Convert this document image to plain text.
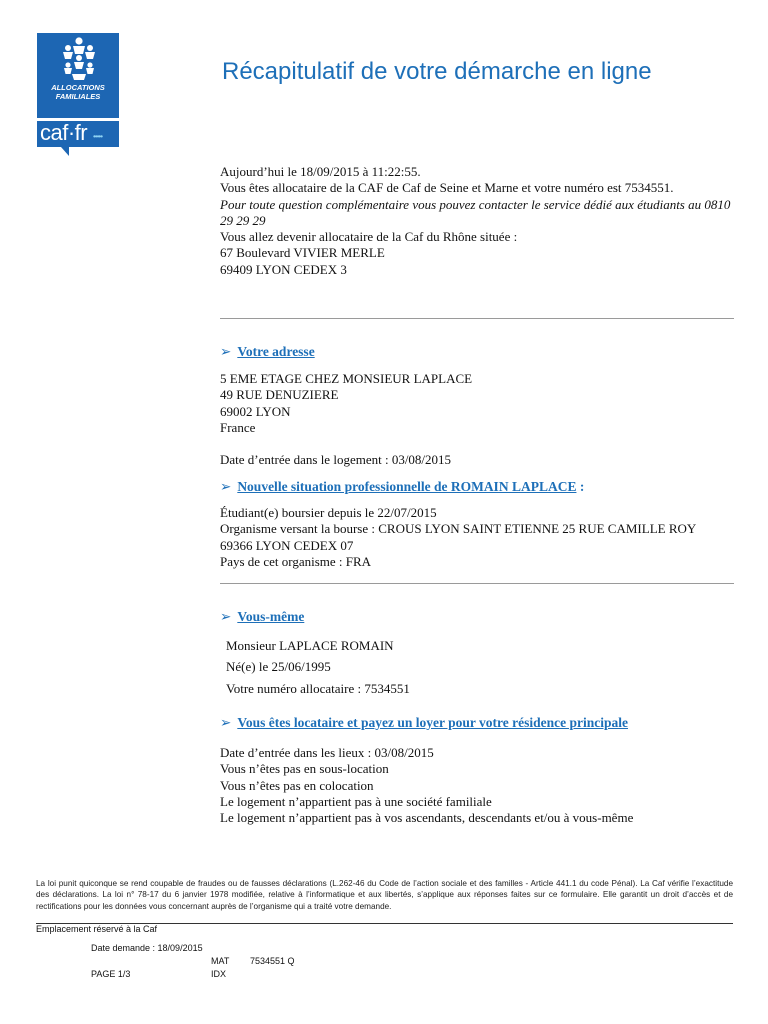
ALLOCATIONS
FAMILIALES
caf·fr •••••
Récapitulatif de votre démarche en ligne
Aujourd’hui le 18/09/2015 à 11:22:55.
Vous êtes allocataire de la CAF de Caf de Seine et Marne et votre numéro est 7534551.
Pour toute question complémentaire vous pouvez contacter le service dédié aux étudiants au 0810 29 29 29
Vous allez devenir allocataire de la Caf du Rhône située :
67 Boulevard VIVIER MERLE
69409 LYON CEDEX 3
➢ Votre adresse
5 EME ETAGE CHEZ MONSIEUR LAPLACE
49 RUE DENUZIERE
69002 LYON
France
Date d’entrée dans le logement : 03/08/2015
➢ Nouvelle situation professionnelle de ROMAIN LAPLACE :
Étudiant(e) boursier depuis le 22/07/2015
Organisme versant la bourse : CROUS LYON SAINT ETIENNE 25 RUE CAMILLE ROY 69366 LYON CEDEX 07
Pays de cet organisme : FRA
➢ Vous-même
Monsieur LAPLACE ROMAIN
Né(e) le 25/06/1995
Votre numéro allocataire : 7534551
➢ Vous êtes locataire et payez un loyer pour votre résidence principale
Date d’entrée dans les lieux : 03/08/2015
Vous n’êtes pas en sous-location
Vous n’êtes pas en colocation
Le logement n’appartient pas à une société familiale
Le logement n’appartient pas à vos ascendants, descendants et/ou à vous-même
La loi punit quiconque se rend coupable de fraudes ou de fausses déclarations (L.262-46 du Code de l’action sociale et des familles - Article 441.1 du code Pénal). La Caf vérifie l’exactitude des déclarations. La loi n° 78-17 du 6 janvier 1978 modifiée, relative à l’informatique et aux libertés, s’applique aux réponses faites sur ce formulaire. Elle garantit un droit d’accès et de rectifications pour les données vous concernant auprès de l’organisme qui a traité votre demande.
Emplacement réservé à la Caf
Date demande : 18/09/2015
MAT 7534551 Q
PAGE 1/3	IDX
